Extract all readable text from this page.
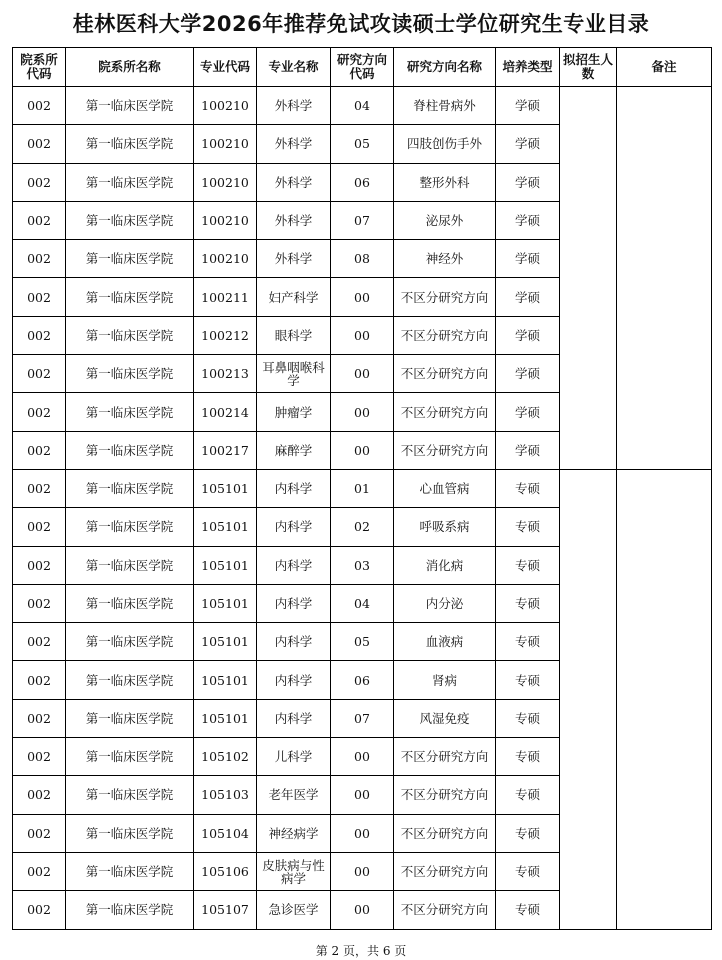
桂林医科大学2026年推荐免试攻读硕士学位研究生专业目录
院系所代码	院系所名称	专业代码	专业名称	研究方向代码	研究方向名称	培养类型	拟招生人数	备注
002	第一临床医学院	100210	外科学	04	脊柱骨病外	学硕		
002	第一临床医学院	100210	外科学	05	四肢创伤手外	学硕		
002	第一临床医学院	100210	外科学	06	整形外科	学硕		
002	第一临床医学院	100210	外科学	07	泌尿外	学硕		
002	第一临床医学院	100210	外科学	08	神经外	学硕		
002	第一临床医学院	100211	妇产科学	00	不区分研究方向	学硕		
002	第一临床医学院	100212	眼科学	00	不区分研究方向	学硕		
002	第一临床医学院	100213	耳鼻咽喉科学	00	不区分研究方向	学硕		
002	第一临床医学院	100214	肿瘤学	00	不区分研究方向	学硕		
002	第一临床医学院	100217	麻醉学	00	不区分研究方向	学硕		
002	第一临床医学院	105101	内科学	01	心血管病	专硕		
002	第一临床医学院	105101	内科学	02	呼吸系病	专硕		
002	第一临床医学院	105101	内科学	03	消化病	专硕		
002	第一临床医学院	105101	内科学	04	内分泌	专硕		
002	第一临床医学院	105101	内科学	05	血液病	专硕		
002	第一临床医学院	105101	内科学	06	肾病	专硕		
002	第一临床医学院	105101	内科学	07	风湿免疫	专硕		
002	第一临床医学院	105102	儿科学	00	不区分研究方向	专硕		
002	第一临床医学院	105103	老年医学	00	不区分研究方向	专硕		
002	第一临床医学院	105104	神经病学	00	不区分研究方向	专硕		
002	第一临床医学院	105106	皮肤病与性病学	00	不区分研究方向	专硕		
002	第一临床医学院	105107	急诊医学	00	不区分研究方向	专硕		
第 2 页，共 6 页
